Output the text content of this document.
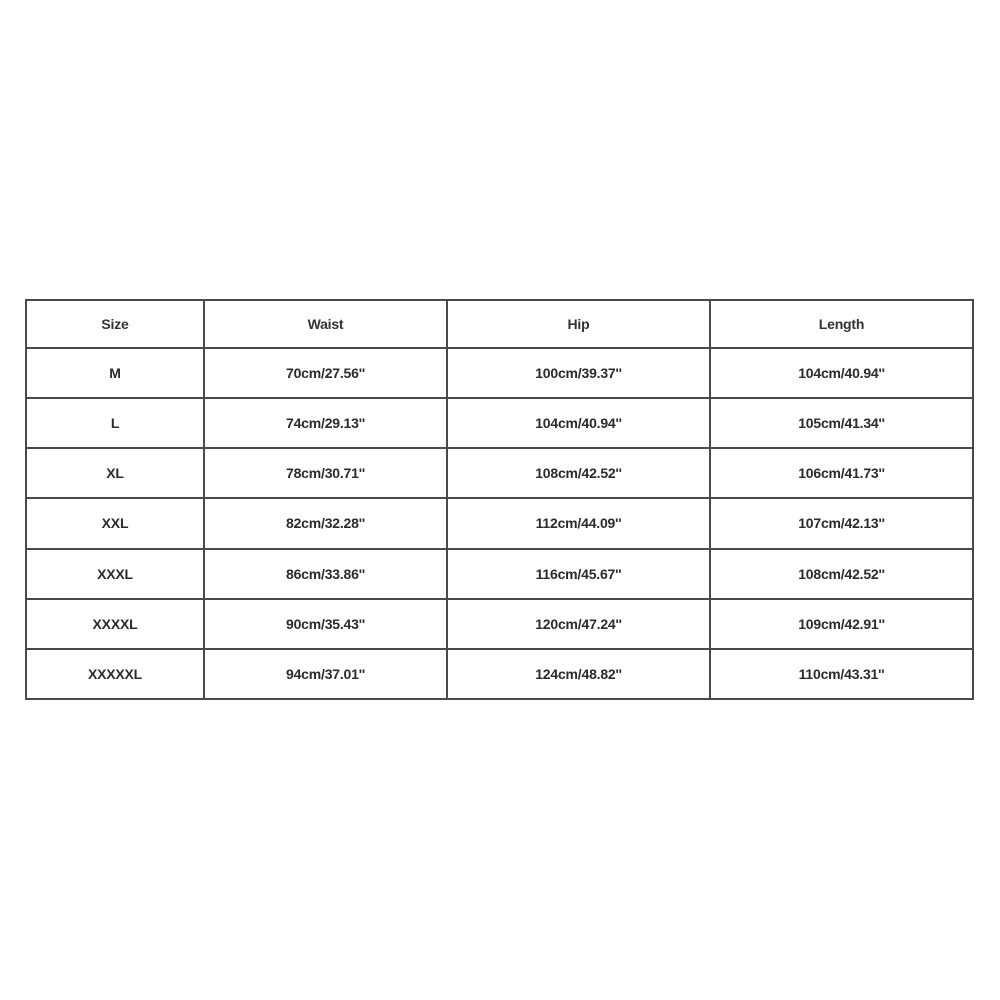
Size	Waist	Hip	Length
M	70cm/27.56''	100cm/39.37''	104cm/40.94''
L	74cm/29.13''	104cm/40.94''	105cm/41.34''
XL	78cm/30.71''	108cm/42.52''	106cm/41.73''
XXL	82cm/32.28''	112cm/44.09''	107cm/42.13''
XXXL	86cm/33.86''	116cm/45.67''	108cm/42.52''
XXXXL	90cm/35.43''	120cm/47.24''	109cm/42.91''
XXXXXL	94cm/37.01''	124cm/48.82''	110cm/43.31''
